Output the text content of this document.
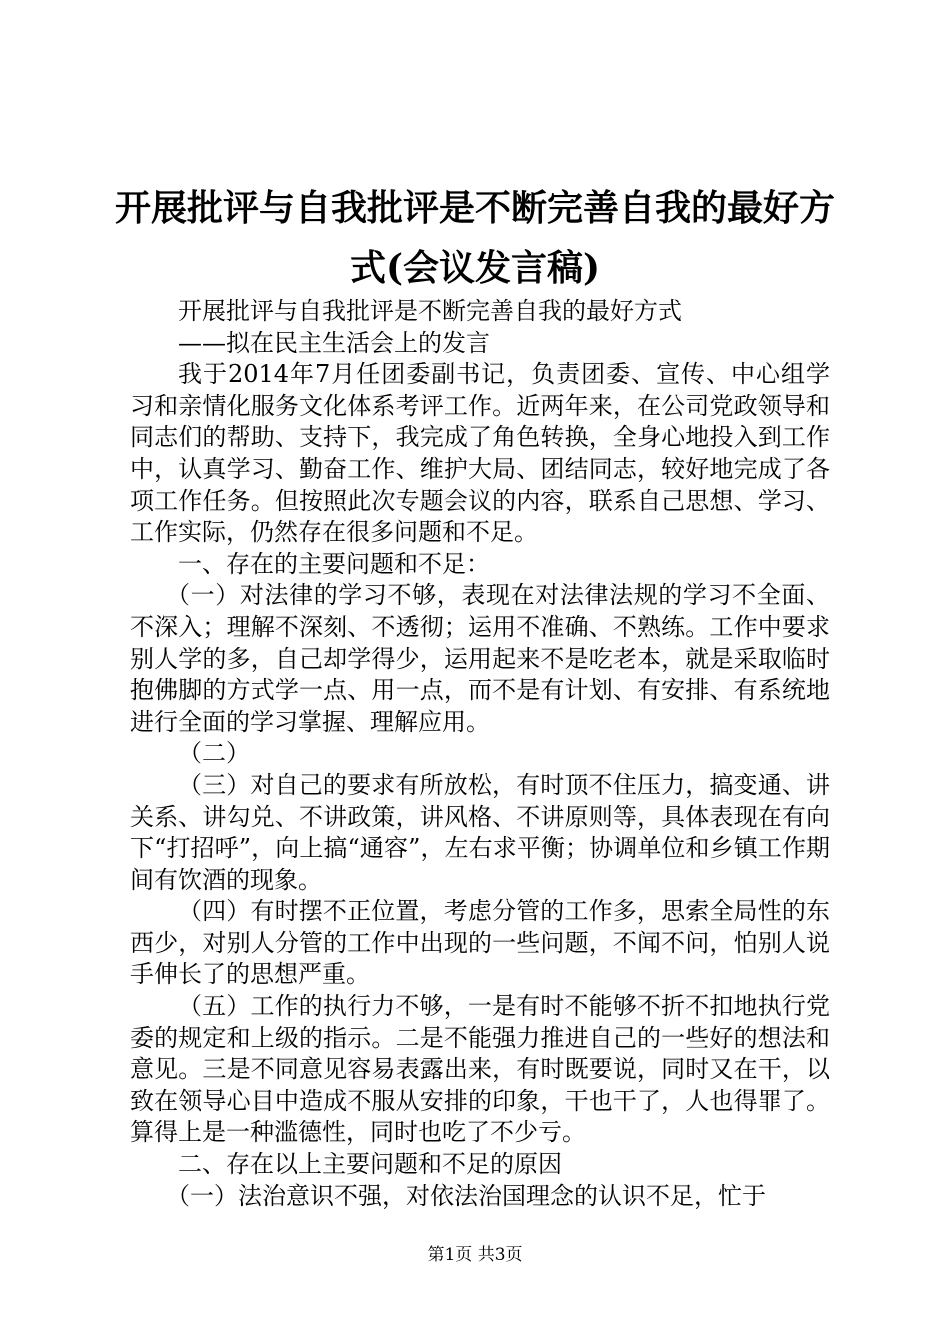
开展批评与自我批评是不断完善自我的最好方式(会议发言稿)

开展批评与自我批评是不断完善自我的最好方式

——拟在民主生活会上的发言

我于2014年7月任团委副书记，负责团委、宣传、中心组学习和亲情化服务文化体系考评工作。近两年来，在公司党政领导和同志们的帮助、支持下，我完成了角色转换，全身心地投入到工作中，认真学习、勤奋工作、维护大局、团结同志，较好地完成了各项工作任务。但按照此次专题会议的内容，联系自己思想、学习、工作实际，仍然存在很多问题和不足。

一、存在的主要问题和不足：

（一）对法律的学习不够，表现在对法律法规的学习不全面、不深入；理解不深刻、不透彻；运用不准确、不熟练。工作中要求别人学的多，自己却学得少，运用起来不是吃老本，就是采取临时抱佛脚的方式学一点、用一点，而不是有计划、有安排、有系统地进行全面的学习掌握、理解应用。

（二）

（三）对自己的要求有所放松，有时顶不住压力，搞变通、讲关系、讲勾兑、不讲政策，讲风格、不讲原则等，具体表现在有向下“打招呼”，向上搞“通容”，左右求平衡；协调单位和乡镇工作期间有饮酒的现象。

（四）有时摆不正位置，考虑分管的工作多，思索全局性的东西少，对别人分管的工作中出现的一些问题，不闻不问，怕别人说手伸长了的思想严重。

（五）工作的执行力不够，一是有时不能够不折不扣地执行党委的规定和上级的指示。二是不能强力推进自己的一些好的想法和意见。三是不同意见容易表露出来，有时既要说，同时又在干，以致在领导心目中造成不服从安排的印象，干也干了，人也得罪了。算得上是一种滥德性，同时也吃了不少亏。

二、存在以上主要问题和不足的原因

（一）法治意识不强，对依法治国理念的认识不足，忙于

第1页 共3页
